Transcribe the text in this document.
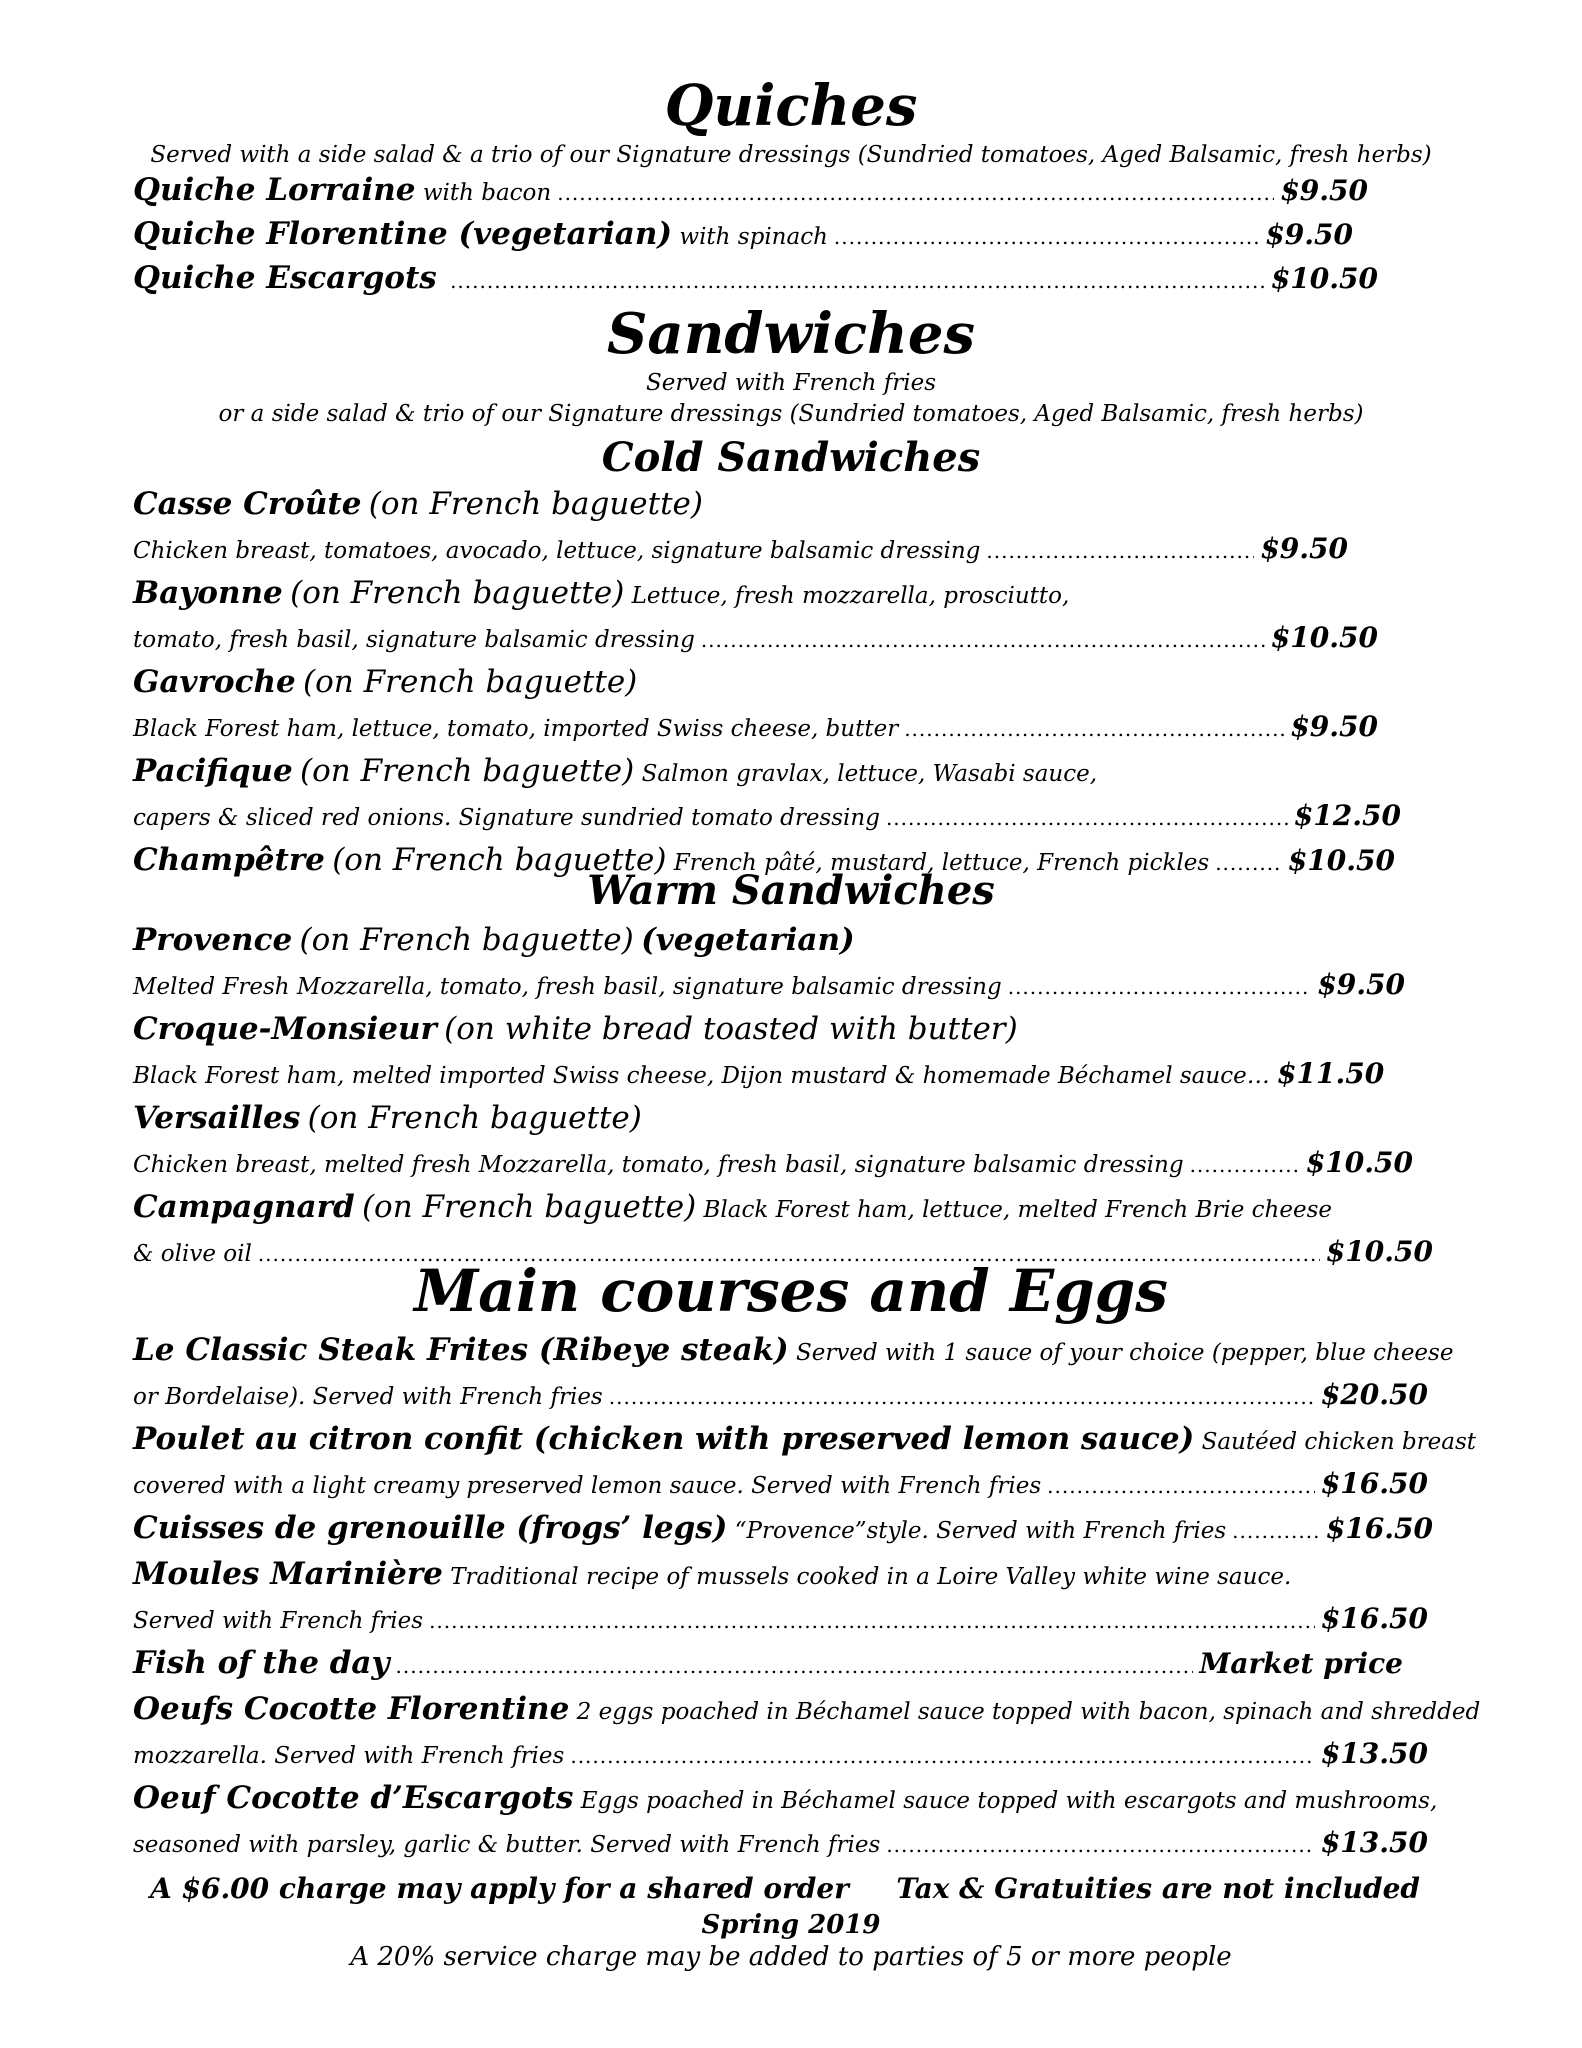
Quiches
Served with a side salad & a trio of our Signature dressings (Sundried tomatoes, Aged Balsamic, fresh herbs)
Quiche Lorraine
with bacon .....	$9.50
Quiche Florentine (vegetarian)
with spinach .....	$9.50
Quiche Escargots
.....	$10.50
Sandwiches
Served with French fries
or a side salad & trio of our Signature dressings (Sundried tomatoes, Aged Balsamic, fresh herbs)
Cold Sandwiches
Casse Croûte
(on French baguette)
Chicken breast, tomatoes, avocado, lettuce, signature balsamic dressing .....	$9.50
Bayonne
(on French baguette)
Lettuce, fresh mozzarella, prosciutto,
tomato, fresh basil, signature balsamic dressing .....	$10.50
Gavroche
(on French baguette)
Black Forest ham, lettuce, tomato, imported Swiss cheese, butter .....	$9.50
Pacifique
(on French baguette)
Salmon gravlax, lettuce, Wasabi sauce,
capers & sliced red onions. Signature sundried tomato dressing .....	$12.50
Champêtre
(on French baguette)
French pâté, mustard, lettuce, French pickles .....	$10.50
Warm Sandwiches
Provence
(on French baguette)
(vegetarian)
Melted Fresh Mozzarella, tomato, fresh basil, signature balsamic dressing .....	$9.50
Croque-Monsieur
(on white bread toasted with butter)
Black Forest ham, melted imported Swiss cheese, Dijon mustard & homemade Béchamel sauce…
$11.50
Versailles
(on French baguette)
Chicken breast, melted fresh Mozzarella, tomato, fresh basil, signature balsamic dressing .....	$10.50
Campagnard
(on French baguette)
Black Forest ham, lettuce, melted French Brie cheese
& olive oil .....	$10.50
Main courses and Eggs
Le Classic Steak Frites (Ribeye steak)
Served with 1 sauce of your choice (pepper, blue cheese
or Bordelaise). Served with French fries .....	$20.50
Poulet au citron confit (chicken with preserved lemon sauce)
Sautéed chicken breast
covered with a light creamy preserved lemon sauce. Served with French fries .....	$16.50
Cuisses de grenouille (frogs’ legs)
“Provence”style. Served with French fries .....	$16.50
Moules Marinière
Traditional recipe of mussels cooked in a Loire Valley white wine sauce.
Served with French fries .....	$16.50
Fish of the day .....	Market price
Oeufs Cocotte Florentine
2 eggs poached in Béchamel sauce topped with bacon, spinach and shredded
mozzarella. Served with French fries .....	$13.50
Oeuf Cocotte d’Escargots
Eggs poached in Béchamel sauce topped with escargots and mushrooms,
seasoned with parsley, garlic & butter. Served with French fries .....	$13.50
A $6.00 charge may apply for a shared order Tax & Gratuities are not included
Spring 2019
A 20% service charge may be added to parties of 5 or more people
